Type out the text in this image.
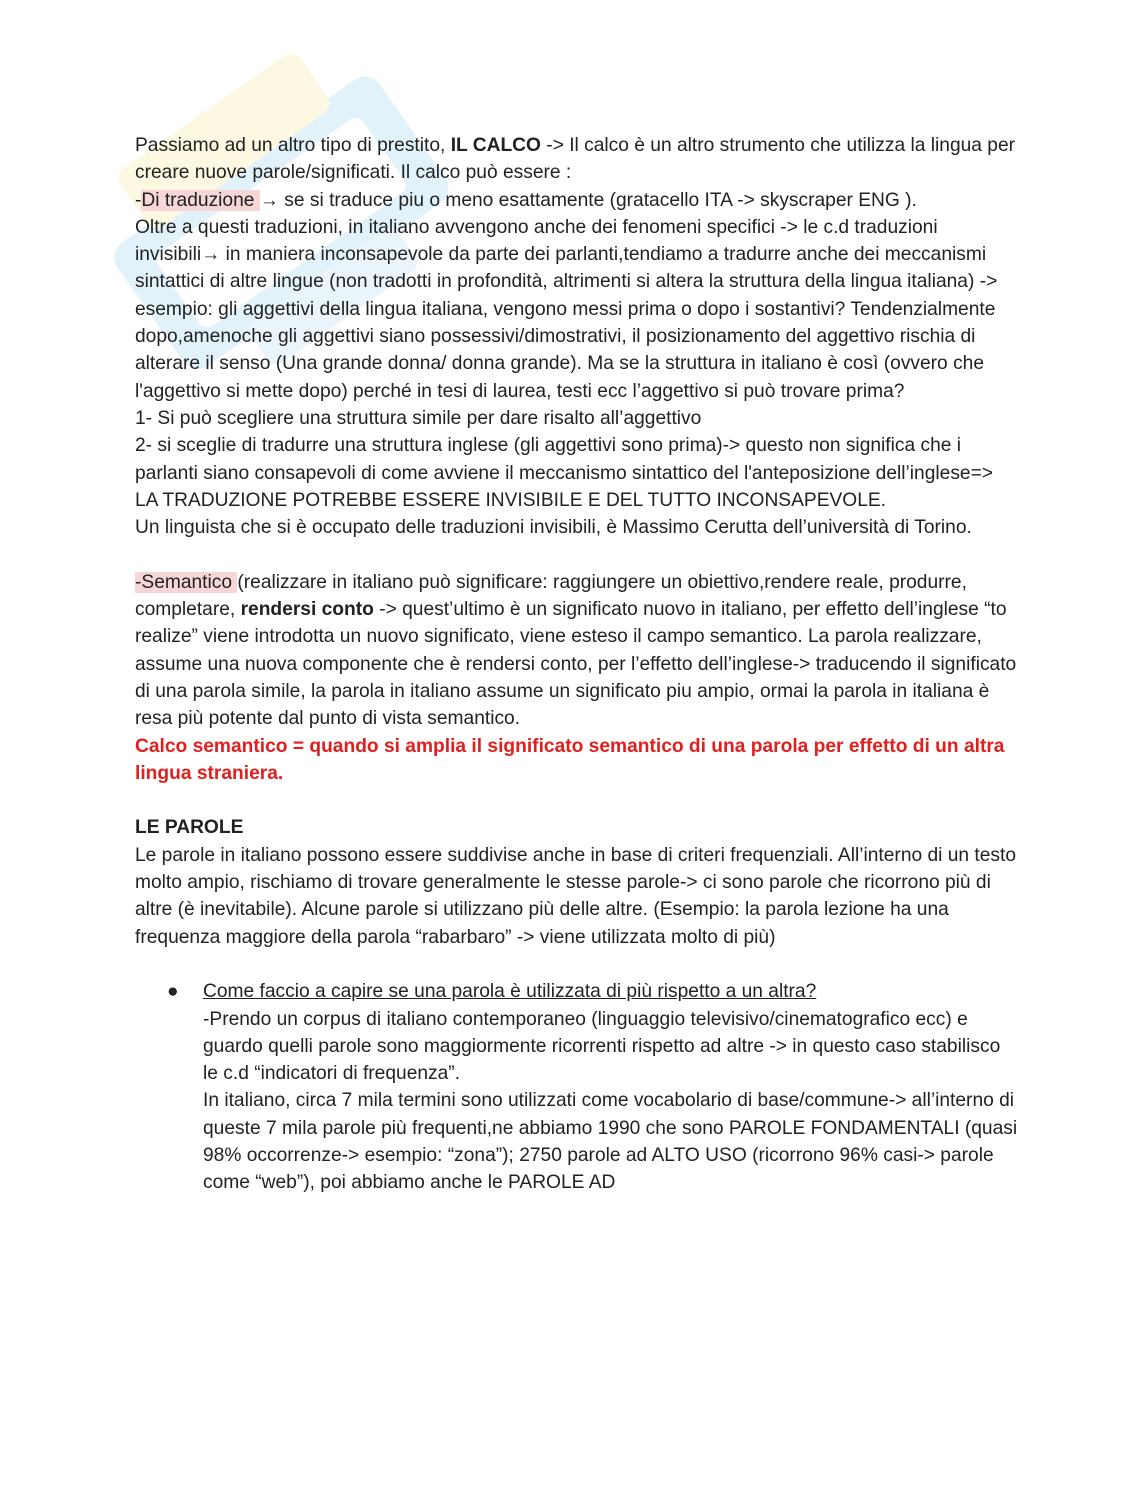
Passiamo ad un altro tipo di prestito, IL CALCO -> Il calco è un altro strumento che utilizza la lingua per creare nuove parole/significati. Il calco può essere :

-Di traduzione → se si traduce piu o meno esattamente (gratacello ITA -> skyscraper ENG ).

Oltre a questi traduzioni, in italiano avvengono anche dei fenomeni specifici -> le c.d traduzioni invisibili→ in maniera inconsapevole da parte dei parlanti,tendiamo a tradurre anche dei meccanismi sintattici di altre lingue (non tradotti in profondità, altrimenti si altera la struttura della lingua italiana) -> esempio: gli aggettivi della lingua italiana, vengono messi prima o dopo i sostantivi? Tendenzialmente dopo,amenoche gli aggettivi siano possessivi/dimostrativi, il posizionamento del aggettivo rischia di alterare il senso (Una grande donna/ donna grande). Ma se la struttura in italiano è così (ovvero che l'aggettivo si mette dopo) perché in tesi di laurea, testi ecc l’aggettivo si può trovare prima?

1- Si può scegliere una struttura simile per dare risalto all’aggettivo

2- si sceglie di tradurre una struttura inglese (gli aggettivi sono prima)-> questo non significa che i parlanti siano consapevoli di come avviene il meccanismo sintattico del l'anteposizione dell’inglese=> LA TRADUZIONE POTREBBE ESSERE INVISIBILE E DEL TUTTO INCONSAPEVOLE.

Un linguista che si è occupato delle traduzioni invisibili, è Massimo Cerutta dell’università di Torino.

-Semantico (realizzare in italiano può significare: raggiungere un obiettivo,rendere reale, produrre, completare, rendersi conto -> quest’ultimo è un significato nuovo in italiano, per effetto dell’inglese “to realize” viene introdotta un nuovo significato, viene esteso il campo semantico. La parola realizzare, assume una nuova componente che è rendersi conto, per l’effetto dell’inglese-> traducendo il significato di una parola simile, la parola in italiano assume un significato piu ampio, ormai la parola in italiana è resa più potente dal punto di vista semantico.

Calco semantico = quando si amplia il significato semantico di una parola per effetto di un altra lingua straniera.

LE PAROLE

Le parole in italiano possono essere suddivise anche in base di criteri frequenziali. All’interno di un testo molto ampio, rischiamo di trovare generalmente le stesse parole-> ci sono parole che ricorrono più di altre (è inevitabile). Alcune parole si utilizzano più delle altre. (Esempio: la parola lezione ha una frequenza maggiore della parola “rabarbaro” -> viene utilizzata molto di più)

●	Come faccio a capire se una parola è utilizzata di più rispetto a un altra?

-Prendo un corpus di italiano contemporaneo (linguaggio televisivo/cinematografico ecc) e guardo quelli parole sono maggiormente ricorrenti rispetto ad altre -> in questo caso stabilisco le c.d “indicatori di frequenza”.

In italiano, circa 7 mila termini sono utilizzati come vocabolario di base/commune-> all’interno di queste 7 mila parole più frequenti,ne abbiamo 1990 che sono PAROLE FONDAMENTALI (quasi 98% occorrenze-> esempio: “zona”); 2750 parole ad ALTO USO (ricorrono 96% casi-> parole come “web”), poi abbiamo anche le PAROLE AD
